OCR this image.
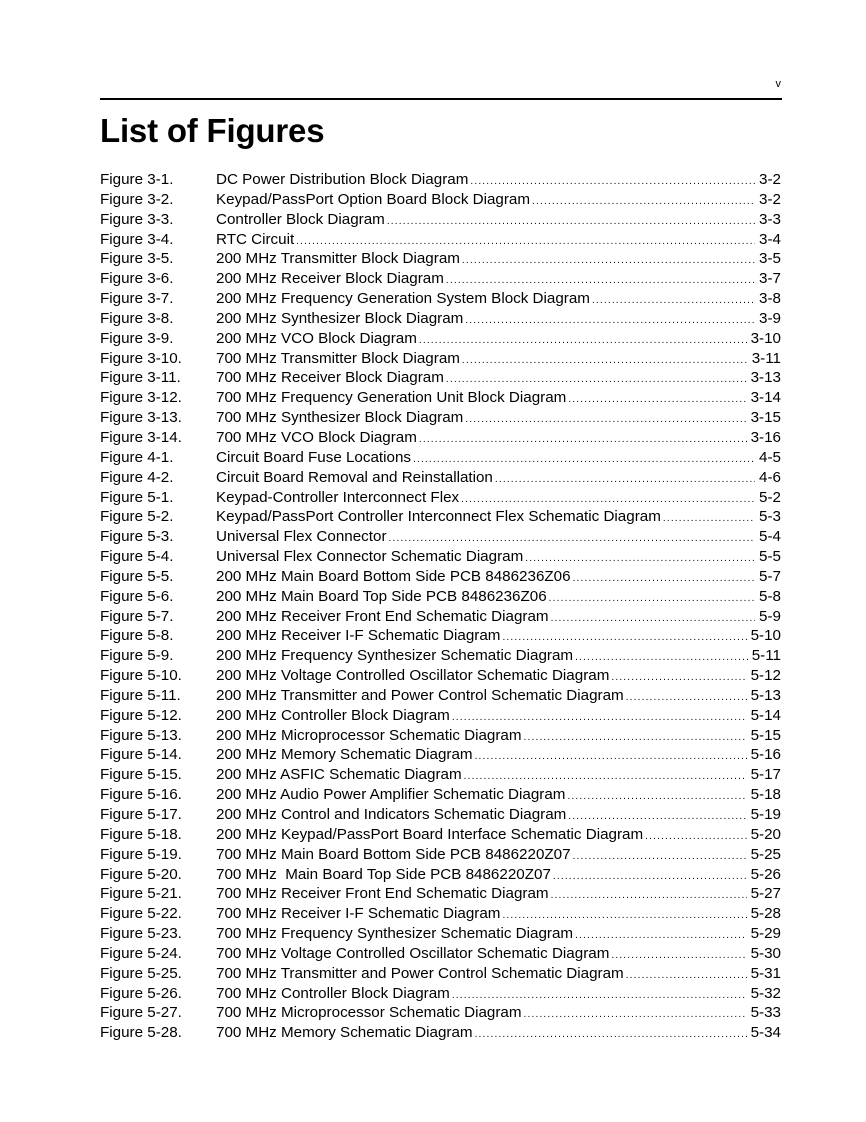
v
List of Figures
Figure 3-1.	DC Power Distribution Block Diagram .....	3-2
Figure 3-2.	Keypad/PassPort Option Board Block Diagram .....	3-2
Figure 3-3.	Controller Block Diagram .....	3-3
Figure 3-4.	RTC Circuit .....	3-4
Figure 3-5.	200 MHz Transmitter Block Diagram .....	3-5
Figure 3-6.	200 MHz Receiver Block Diagram .....	3-7
Figure 3-7.	200 MHz Frequency Generation System Block Diagram .....	3-8
Figure 3-8.	200 MHz Synthesizer Block Diagram .....	3-9
Figure 3-9.	200 MHz VCO Block Diagram .....	3-10
Figure 3-10.	700 MHz Transmitter Block Diagram .....	3-11
Figure 3-11.	700 MHz Receiver Block Diagram .....	3-13
Figure 3-12.	700 MHz Frequency Generation Unit Block Diagram .....	3-14
Figure 3-13.	700 MHz Synthesizer Block Diagram .....	3-15
Figure 3-14.	700 MHz VCO Block Diagram .....	3-16
Figure 4-1.	Circuit Board Fuse Locations .....	4-5
Figure 4-2.	Circuit Board Removal and Reinstallation .....	4-6
Figure 5-1.	Keypad-Controller Interconnect Flex .....	5-2
Figure 5-2.	Keypad/PassPort Controller Interconnect Flex Schematic Diagram .....	5-3
Figure 5-3.	Universal Flex Connector .....	5-4
Figure 5-4.	Universal Flex Connector Schematic Diagram .....	5-5
Figure 5-5.	200 MHz Main Board Bottom Side PCB 8486236Z06 .....	5-7
Figure 5-6.	200 MHz Main Board Top Side PCB 8486236Z06 .....	5-8
Figure 5-7.	200 MHz Receiver Front End Schematic Diagram .....	5-9
Figure 5-8.	200 MHz Receiver I-F Schematic Diagram .....	5-10
Figure 5-9.	200 MHz Frequency Synthesizer Schematic Diagram .....	5-11
Figure 5-10.	200 MHz Voltage Controlled Oscillator Schematic Diagram .....	5-12
Figure 5-11.	200 MHz Transmitter and Power Control Schematic Diagram .....	5-13
Figure 5-12.	200 MHz Controller Block Diagram .....	5-14
Figure 5-13.	200 MHz Microprocessor Schematic Diagram .....	5-15
Figure 5-14.	200 MHz Memory Schematic Diagram .....	5-16
Figure 5-15.	200 MHz ASFIC Schematic Diagram .....	5-17
Figure 5-16.	200 MHz Audio Power Amplifier Schematic Diagram .....	5-18
Figure 5-17.	200 MHz Control and Indicators Schematic Diagram .....	5-19
Figure 5-18.	200 MHz Keypad/PassPort Board Interface Schematic Diagram .....	5-20
Figure 5-19.	700 MHz Main Board Bottom Side PCB 8486220Z07 .....	5-25
Figure 5-20.	700 MHz  Main Board Top Side PCB 8486220Z07 .....	5-26
Figure 5-21.	700 MHz Receiver Front End Schematic Diagram .....	5-27
Figure 5-22.	700 MHz Receiver I-F Schematic Diagram .....	5-28
Figure 5-23.	700 MHz Frequency Synthesizer Schematic Diagram .....	5-29
Figure 5-24.	700 MHz Voltage Controlled Oscillator Schematic Diagram .....	5-30
Figure 5-25.	700 MHz Transmitter and Power Control Schematic Diagram .....	5-31
Figure 5-26.	700 MHz Controller Block Diagram .....	5-32
Figure 5-27.	700 MHz Microprocessor Schematic Diagram .....	5-33
Figure 5-28.	700 MHz Memory Schematic Diagram .....	5-34
